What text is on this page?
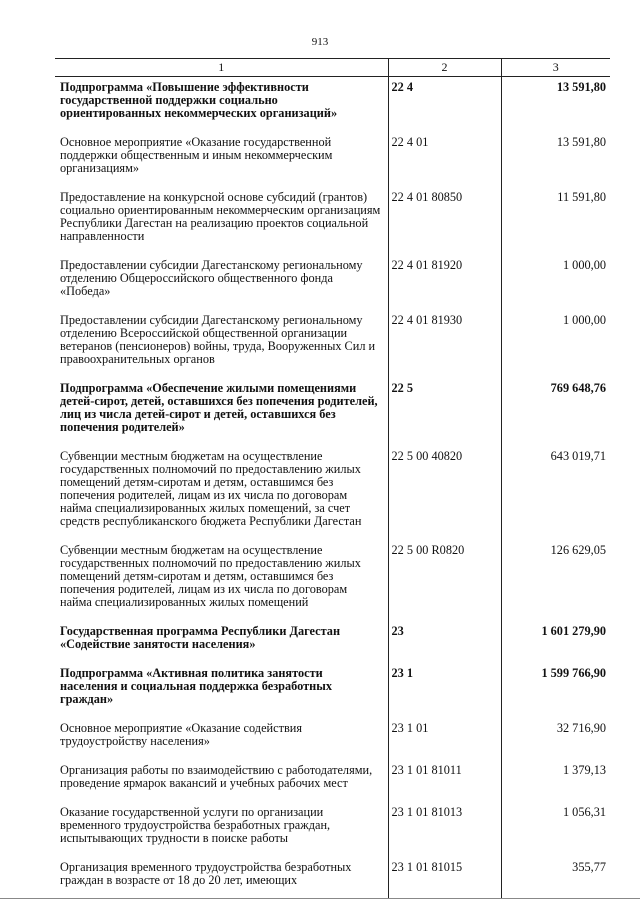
913
1	2	3
Подпрограмма «Повышение эффективности государственной поддержки социально ориентированных некоммерческих организаций»	22 4	13 591,80
Основное мероприятие «Оказание государственной поддержки общественным и иным некоммерческим организациям»	22 4 01	13 591,80
Предоставление на конкурсной основе субсидий (грантов) социально ориентированным некоммерческим организациям Республики Дагестан на реализацию проектов социальной направленности	22 4 01 80850	11 591,80
Предоставлении субсидии Дагестанскому региональному отделению Общероссийского общественного фонда «Победа»	22 4 01 81920	1 000,00
Предоставлении субсидии Дагестанскому региональному отделению Всероссийской общественной организации ветеранов (пенсионеров) войны, труда, Вооруженных Сил и правоохранительных органов	22 4 01 81930	1 000,00
Подпрограмма «Обеспечение жилыми помещениями детей-сирот, детей, оставшихся без попечения родителей, лиц из числа детей-сирот и детей, оставшихся без попечения родителей»	22 5	769 648,76
Субвенции местным бюджетам на осуществление государственных полномочий по предоставлению жилых помещений детям-сиротам и детям, оставшимся без попечения родителей, лицам из их числа по договорам найма специализированных жилых помещений, за счет средств республиканского бюджета Республики Дагестан	22 5 00 40820	643 019,71
Субвенции местным бюджетам на осуществление государственных полномочий по предоставлению жилых помещений детям-сиротам и детям, оставшимся без попечения родителей, лицам из их числа по договорам найма специализированных жилых помещений	22 5 00 R0820	126 629,05
Государственная программа Республики Дагестан «Содействие занятости населения»	23	1 601 279,90
Подпрограмма «Активная политика занятости населения и социальная поддержка безработных граждан»	23 1	1 599 766,90
Основное мероприятие «Оказание содействия трудоустройству населения»	23 1 01	32 716,90
Организация работы по взаимодействию с работодателями, проведение ярмарок вакансий и учебных рабочих мест	23 1 01 81011	1 379,13
Оказание государственной услуги по организации временного трудоустройства безработных граждан, испытывающих трудности в поиске работы	23 1 01 81013	1 056,31
Организация временного трудоустройства безработных граждан в возрасте от 18 до 20 лет, имеющих	23 1 01 81015	355,77
